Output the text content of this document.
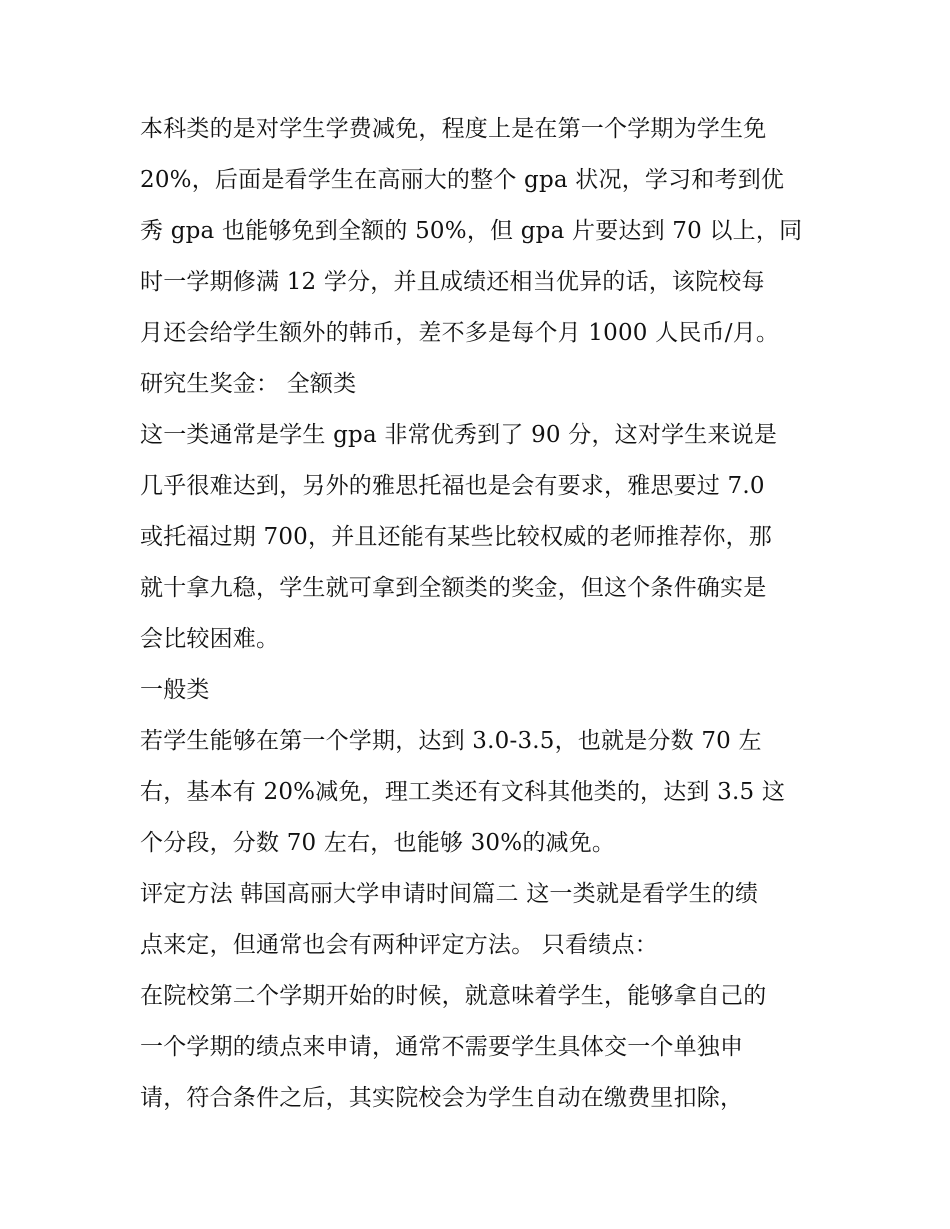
本科类的是对学生学费减免，程度上是在第一个学期为学生免
20%，后面是看学生在高丽大的整个 gpa 状况，学习和考到优
秀 gpa 也能够免到全额的 50%，但 gpa 片要达到 70 以上，同
时一学期修满 12 学分，并且成绩还相当优异的话，该院校每
月还会给学生额外的韩币，差不多是每个月 1000 人民币/月。
研究生奖金： 全额类
这一类通常是学生 gpa 非常优秀到了 90 分，这对学生来说是
几乎很难达到，另外的雅思托福也是会有要求，雅思要过 7.0
或托福过期 700，并且还能有某些比较权威的老师推荐你，那
就十拿九稳，学生就可拿到全额类的奖金，但这个条件确实是
会比较困难。
一般类
若学生能够在第一个学期，达到 3.0-3.5，也就是分数 70 左
右，基本有 20%减免，理工类还有文科其他类的，达到 3.5 这
个分段，分数 70 左右，也能够 30%的减免。
评定方法 韩国高丽大学申请时间篇二 这一类就是看学生的绩
点来定，但通常也会有两种评定方法。 只看绩点：
在院校第二个学期开始的时候，就意味着学生，能够拿自己的
一个学期的绩点来申请，通常不需要学生具体交一个单独申
请，符合条件之后，其实院校会为学生自动在缴费里扣除，
